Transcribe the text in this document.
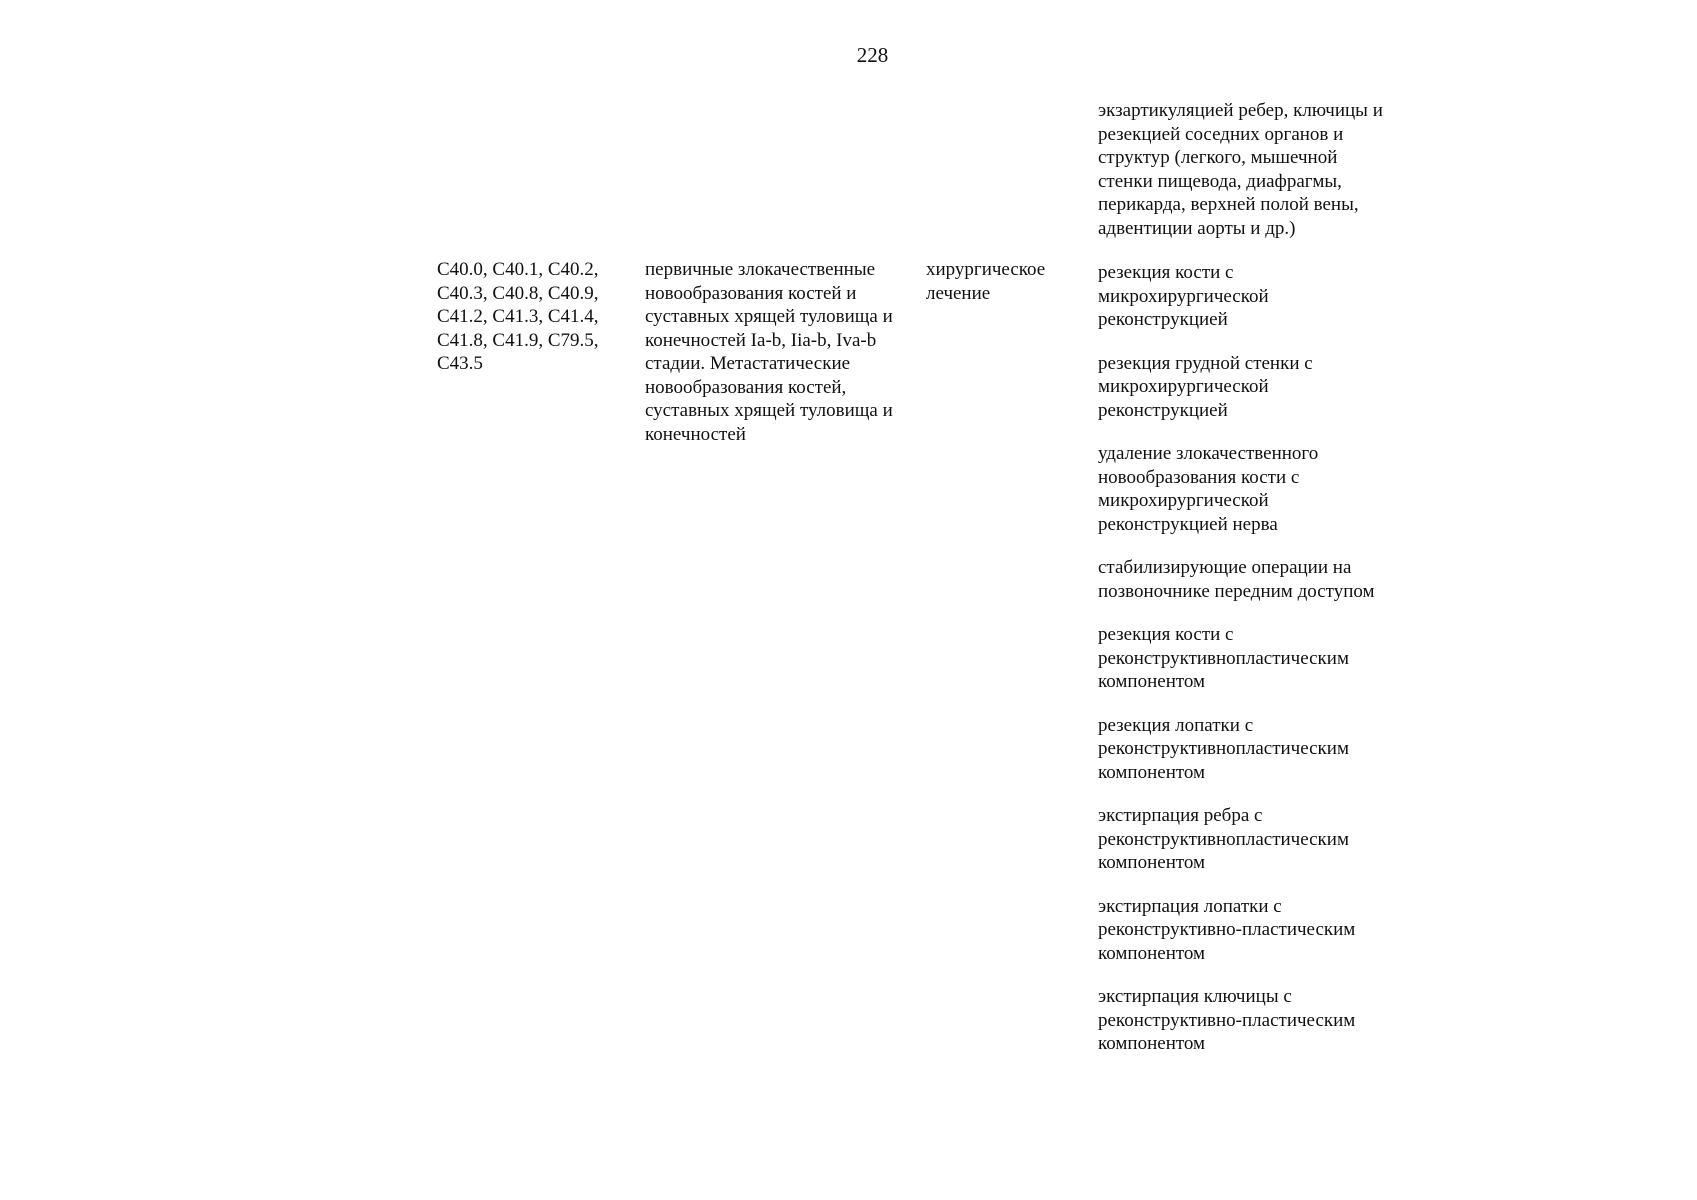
228
экзартикуляцией ребер, ключицы и
резекцией соседних органов и
структур (легкого, мышечной
стенки пищевода, диафрагмы,
перикарда, верхней полой вены,
адвентиции аорты и др.)
резекция кости с
микрохирургической
реконструкцией
резекция грудной стенки с
микрохирургической
реконструкцией
удаление злокачественного
новообразования кости с
микрохирургической
реконструкцией нерва
стабилизирующие операции на
позвоночнике передним доступом
резекция кости с
реконструктивнопластическим
компонентом
резекция лопатки с
реконструктивнопластическим
компонентом
экстирпация ребра с
реконструктивнопластическим
компонентом
экстирпация лопатки с
реконструктивно-пластическим
компонентом
экстирпация ключицы с
реконструктивно-пластическим
компонентом
C40.0, C40.1, C40.2,
C40.3, C40.8, C40.9,
C41.2, C41.3, C41.4,
C41.8, C41.9, C79.5,
C43.5
первичные злокачественные
новообразования костей и
суставных хрящей туловища и
конечностей Ia-b, Iia-b, Iva-b
стадии. Метастатические
новообразования костей,
суставных хрящей туловища и
конечностей
хирургическое
лечение
